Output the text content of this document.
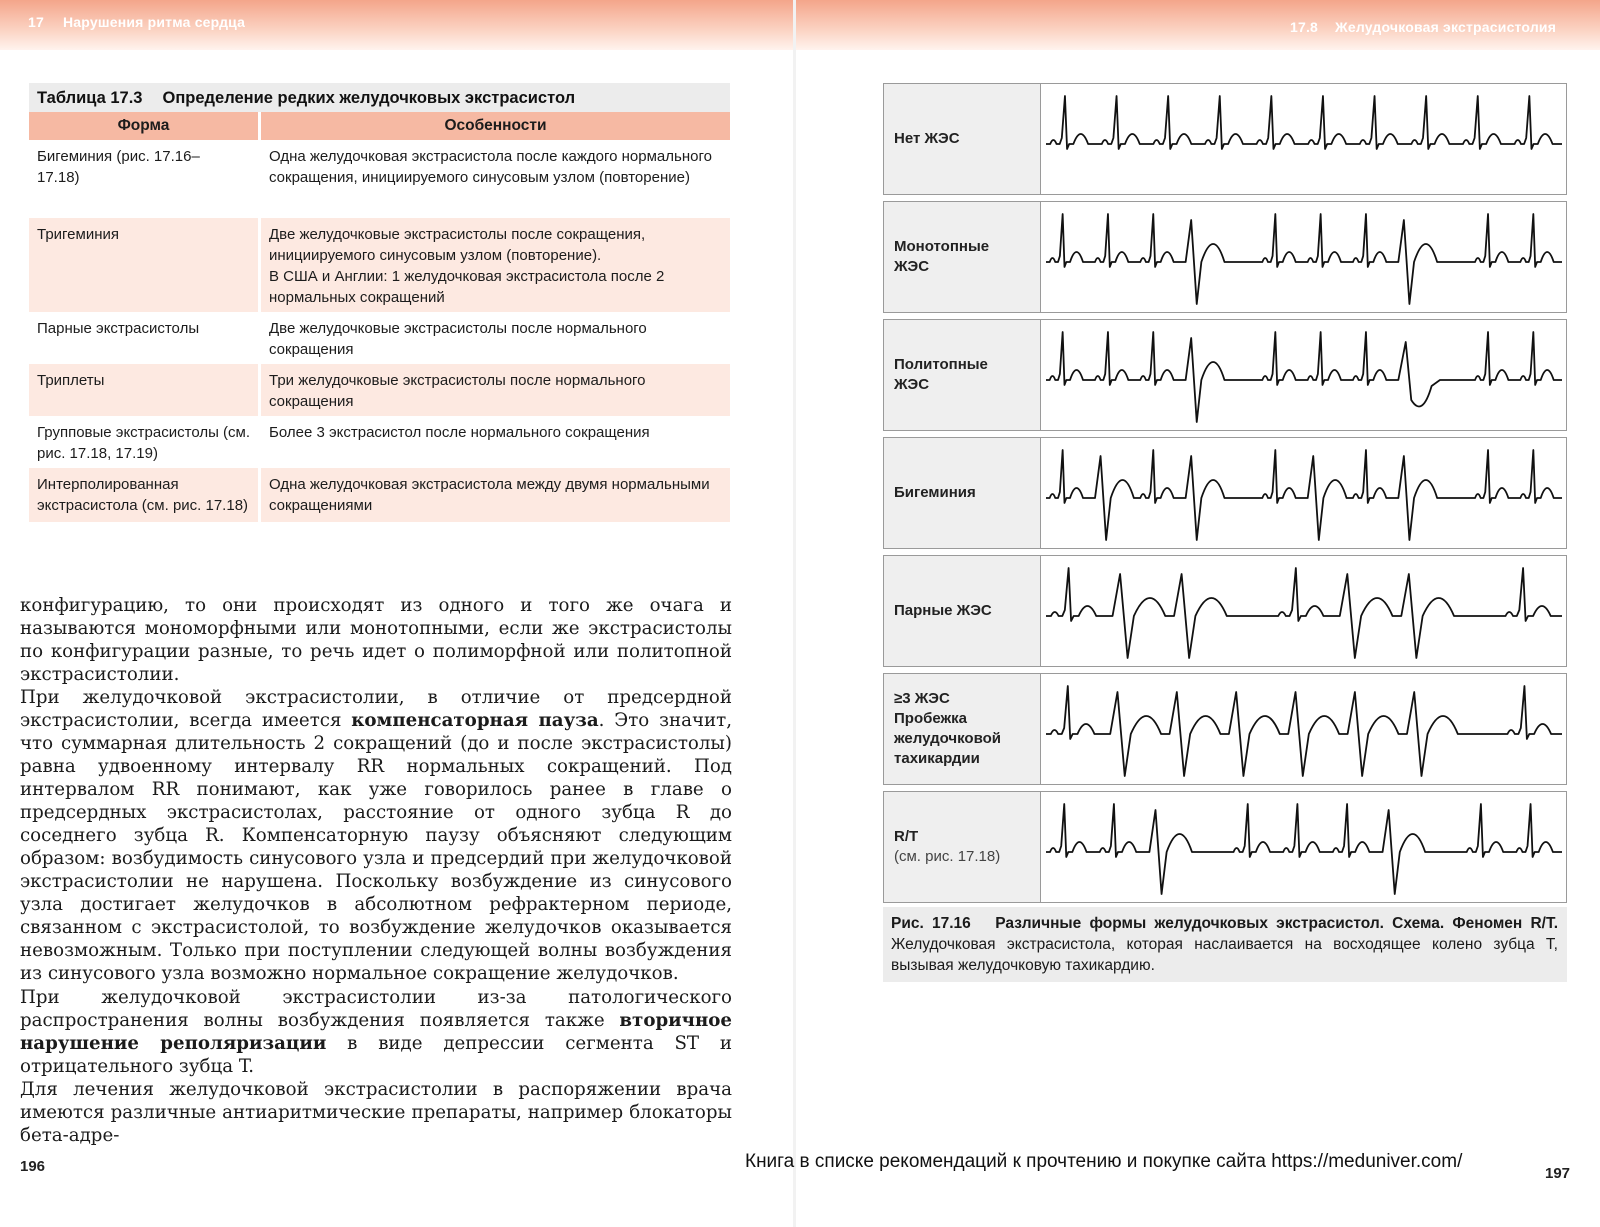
17 Нарушения ритма сердца	17.8 Желудочковая экстрасистолия
Таблица 17.3 Определение редких желудочковых экстрасистол
Форма	Особенности
Бигеминия (рис. 17.16–17.18)	Одна желудочковая экстрасистола после каждого нормального сокращения, инициируемого синусовым узлом (повторение)
Тригеминия	Две желудочковые экстрасистолы после сокращения, инициируемого синусовым узлом (повторение).
В США и Англии: 1 желудочковая экстрасистола после 2 нормальных сокращений
Парные экстрасистолы	Две желудочковые экстрасистолы после нормального сокращения
Триплеты	Три желудочковые экстрасистолы после нормального сокращения
Групповые экстрасистолы (см. рис. 17.18, 17.19)	Более 3 экстрасистол после нормального сокращения
Интерполированная экстрасистола (см. рис. 17.18)	Одна желудочковая экстрасистола между двумя нормальными сокращениями
конфигурацию, то они происходят из одного и того же очага и называются мономорфными или монотопными, если же экстрасистолы по конфигурации разные, то речь идет о полиморфной или политопной экстрасистолии.
При желудочковой экстрасистолии, в отличие от предсердной экстрасистолии, всегда имеется компенсаторная пауза. Это значит, что суммарная длительность 2 сокращений (до и после экстрасистолы) равна удвоенному интервалу RR нормальных сокращений. Под интервалом RR понимают, как уже говорилось ранее в главе о предсердных экстрасистолах, расстояние от одного зубца R до соседнего зубца R. Компенсаторную паузу объясняют следующим образом: возбудимость синусового узла и предсердий при желудочковой экстрасистолии не нарушена. Поскольку возбуждение из синусового узла достигает желудочков в абсолютном рефрактерном периоде, связанном с экстрасистолой, то возбуждение желудочков оказывается невозможным. Только при поступлении следующей волны возбуждения из синусового узла возможно нормальное сокращение желудочков.
При желудочковой экстрасистолии из-за патологического распространения волны возбуждения появляется также вторичное нарушение реполяризации в виде депрессии сегмента ST и отрицательного зубца T.
Для лечения желудочковой экстрасистолии в распоряжении врача имеются различные антиаритмические препараты, например блокаторы бета-адре-
196	197
Книга в списке рекомендаций к прочтению и покупке сайта https://meduniver.com/
Нет ЖЭС
Монотопные ЖЭС
Политопные ЖЭС
Бигеминия
Парные ЖЭС
≥3 ЖЭС Пробежка желудочковой тахикардии
R/T
(см. рис. 17.18)
Рис. 17.16 Различные формы желудочковых экстрасистол. Схема. Феномен R/T. Желудочковая экстрасистола, которая наслаивается на восходящее колено зубца T, вызывая желудочковую тахикардию.
